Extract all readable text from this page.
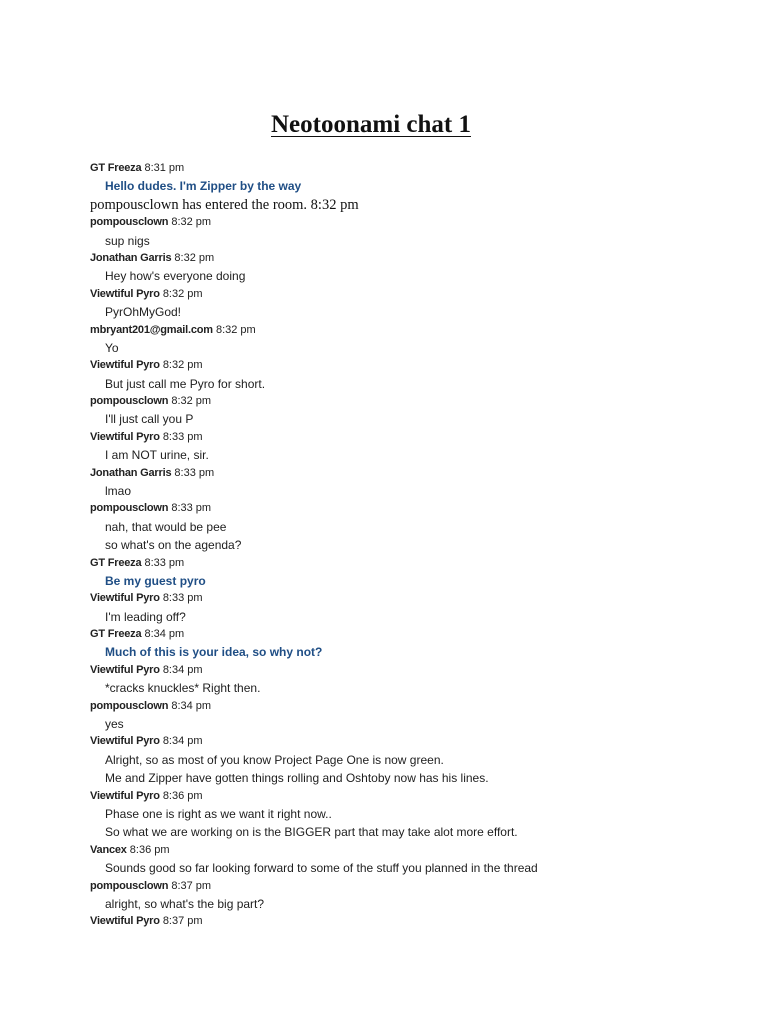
Neotoonami chat 1
GT Freeza 8:31 pm
Hello dudes. I'm Zipper by the way
pompousclown has entered the room. 8:32 pm
pompousclown 8:32 pm
sup nigs
Jonathan Garris 8:32 pm
Hey how's everyone doing
Viewtiful Pyro 8:32 pm
PyrOhMyGod!
mbryant201@gmail.com 8:32 pm
Yo
Viewtiful Pyro 8:32 pm
But just call me Pyro for short.
pompousclown 8:32 pm
I'll just call you P
Viewtiful Pyro 8:33 pm
I am NOT urine, sir.
Jonathan Garris 8:33 pm
lmao
pompousclown 8:33 pm
nah, that would be pee
so what's on the agenda?
GT Freeza 8:33 pm
Be my guest pyro
Viewtiful Pyro 8:33 pm
I'm leading off?
GT Freeza 8:34 pm
Much of this is your idea, so why not?
Viewtiful Pyro 8:34 pm
*cracks knuckles* Right then.
pompousclown 8:34 pm
yes
Viewtiful Pyro 8:34 pm
Alright, so as most of you know Project Page One is now green.
Me and Zipper have gotten things rolling and Oshtoby now has his lines.
Viewtiful Pyro 8:36 pm
Phase one is right as we want it right now..
So what we are working on is the BIGGER part that may take alot more effort.
Vancex 8:36 pm
Sounds good so far looking forward to some of the stuff you planned in the thread
pompousclown 8:37 pm
alright, so what's the big part?
Viewtiful Pyro 8:37 pm
